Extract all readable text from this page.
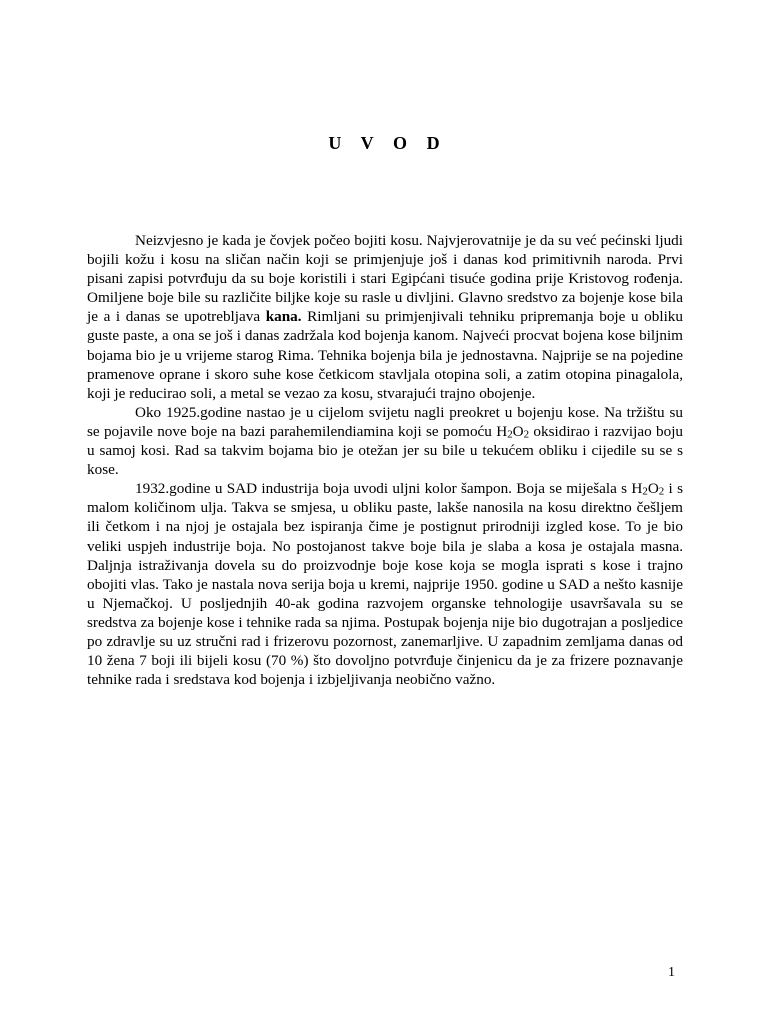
U V O D

Neizvjesno je kada je čovjek počeo bojiti kosu. Najvjerovatnije je da su već pećinski ljudi bojili kožu i kosu na sličan način koji se primjenjuje još i danas kod primitivnih naroda. Prvi pisani zapisi potvrđuju da su boje koristili i stari Egipćani tisuće godina prije Kristovog rođenja. Omiljene boje bile su različite biljke koje su rasle u divljini. Glavno sredstvo za bojenje kose bila je a i danas se upotrebljava kana. Rimljani su primjenjivali tehniku pripremanja boje u obliku guste paste, a ona se još i danas zadržala kod bojenja kanom. Najveći procvat bojena kose biljnim bojama bio je u vrijeme starog Rima. Tehnika bojenja bila je jednostavna. Najprije se na pojedine pramenove oprane i skoro suhe kose četkicom stavljala otopina soli, a zatim otopina pinagalola, koji je reducirao soli, a metal se vezao za kosu, stvarajući trajno obojenje.

Oko 1925.godine nastao je u cijelom svijetu nagli preokret u bojenju kose. Na tržištu su se pojavile nove boje na bazi parahemilendiamina koji se pomoću H2O2 oksidirao i razvijao boju u samoj kosi. Rad sa takvim bojama bio je otežan jer su bile u tekućem obliku i cijedile su se s kose.

1932.godine u SAD industrija boja uvodi uljni kolor šampon. Boja se miješala s H2O2 i s malom količinom ulja. Takva se smjesa, u obliku paste, lakše nanosila na kosu direktno češljem ili četkom i na njoj je ostajala bez ispiranja čime je postignut prirodniji izgled kose. To je bio veliki uspjeh industrije boja. No postojanost takve boje bila je slaba a kosa je ostajala masna. Daljnja istraživanja dovela su do proizvodnje boje kose koja se mogla isprati s kose i trajno obojiti vlas. Tako je nastala nova serija boja u kremi, najprije 1950. godine u SAD a nešto kasnije u Njemačkoj. U posljednjih 40-ak godina razvojem organske tehnologije usavršavala su se sredstva za bojenje kose i tehnike rada sa njima. Postupak bojenja nije bio dugotrajan a posljedice po zdravlje su uz stručni rad i frizerovu pozornost, zanemarljive. U zapadnim zemljama danas od 10 žena 7 boji ili bijeli kosu (70 %) što dovoljno potvrđuje činjenicu da je za frizere poznavanje tehnike rada i sredstava kod bojenja i izbjeljivanja neobično važno.

1
